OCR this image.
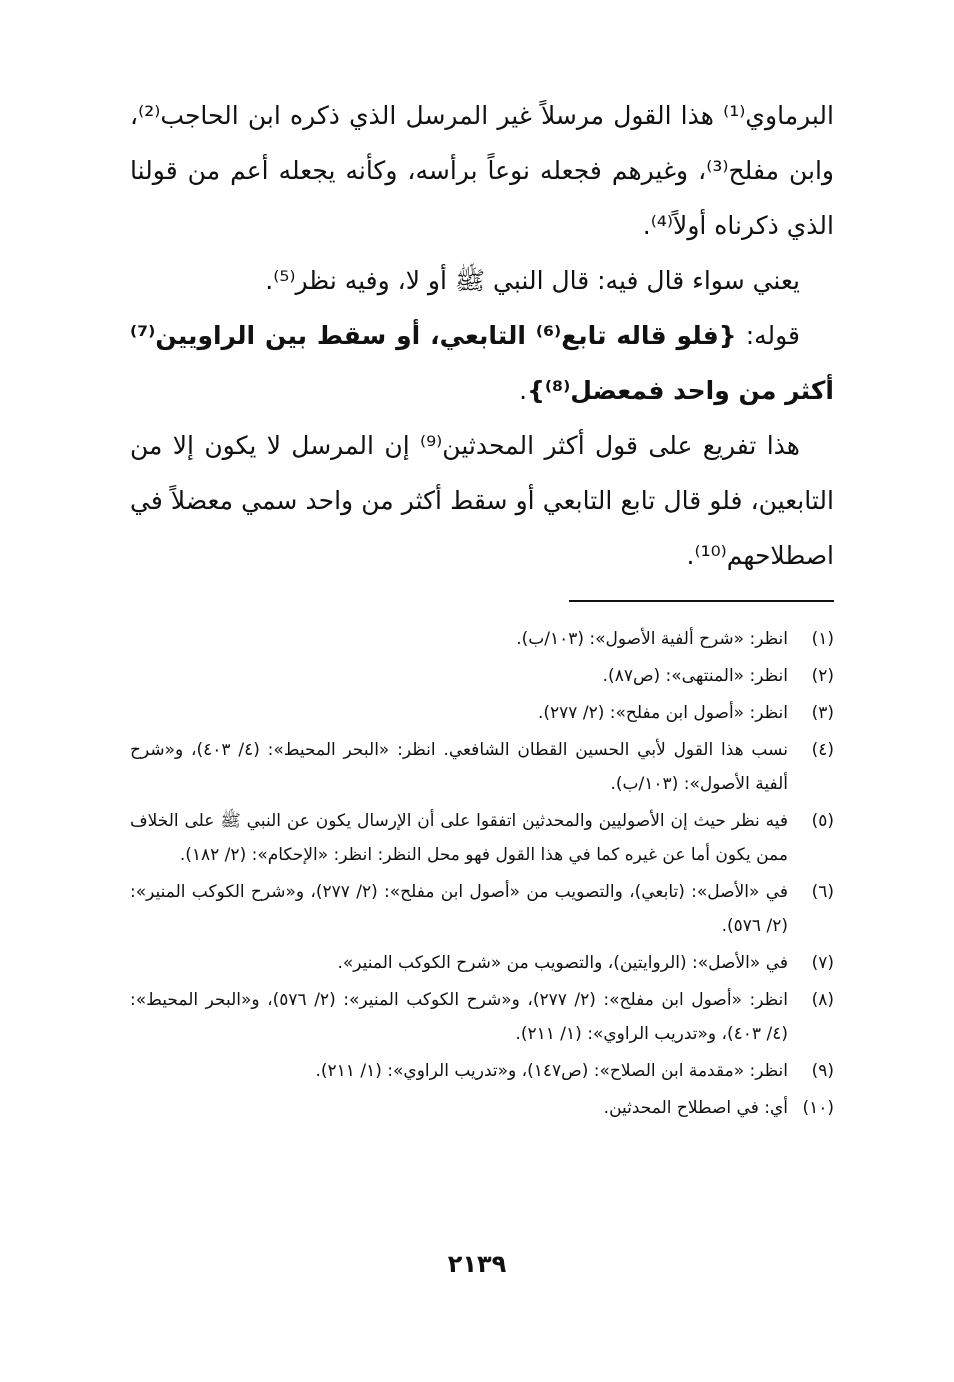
البرماوي⁽¹⁾ هذا القول مرسلاً غير المرسل الذي ذكره ابن الحاجب⁽²⁾، وابن مفلح⁽³⁾، وغيرهم فجعله نوعاً برأسه، وكأنه يجعله أعم من قولنا الذي ذكرناه أولاً⁽⁴⁾.

يعني سواء قال فيه: قال النبي ﷺ أو لا، وفيه نظر⁽⁵⁾.

قوله: {فلو قاله تابع⁽⁶⁾ التابعي، أو سقط بين الراويين⁽⁷⁾ أكثر من واحد فمعضل⁽⁸⁾}.

هذا تفريع على قول أكثر المحدثين⁽⁹⁾ إن المرسل لا يكون إلا من التابعين، فلو قال تابع التابعي أو سقط أكثر من واحد سمي معضلاً في اصطلاحهم⁽¹⁰⁾.

(١)
انظر: «شرح ألفية الأصول»: (١٠٣/ب).
(٢)
انظر: «المنتهى»: (ص٨٧).
(٣)
انظر: «أصول ابن مفلح»: (٢/ ٢٧٧).
(٤)
نسب هذا القول لأبي الحسين القطان الشافعي. انظر: «البحر المحيط»: (٤/ ٤٠٣)، و«شرح ألفية الأصول»: (١٠٣/ب).
(٥)
فيه نظر حيث إن الأصوليين والمحدثين اتفقوا على أن الإرسال يكون عن النبي ﷺ على الخلاف ممن يكون أما عن غيره كما في هذا القول فهو محل النظر: انظر: «الإحكام»: (٢/ ١٨٢).
(٦)
في «الأصل»: (تابعي)، والتصويب من «أصول ابن مفلح»: (٢/ ٢٧٧)، و«شرح الكوكب المنير»: (٢/ ٥٧٦).
(٧)
في «الأصل»: (الروايتين)، والتصويب من «شرح الكوكب المنير».
(٨)
انظر: «أصول ابن مفلح»: (٢/ ٢٧٧)، و«شرح الكوكب المنير»: (٢/ ٥٧٦)، و«البحر المحيط»: (٤/ ٤٠٣)، و«تدريب الراوي»: (١/ ٢١١).
(٩)
انظر: «مقدمة ابن الصلاح»: (ص١٤٧)، و«تدريب الراوي»: (١/ ٢١١).
(١٠)
أي: في اصطلاح المحدثين.
٢١٣٩
